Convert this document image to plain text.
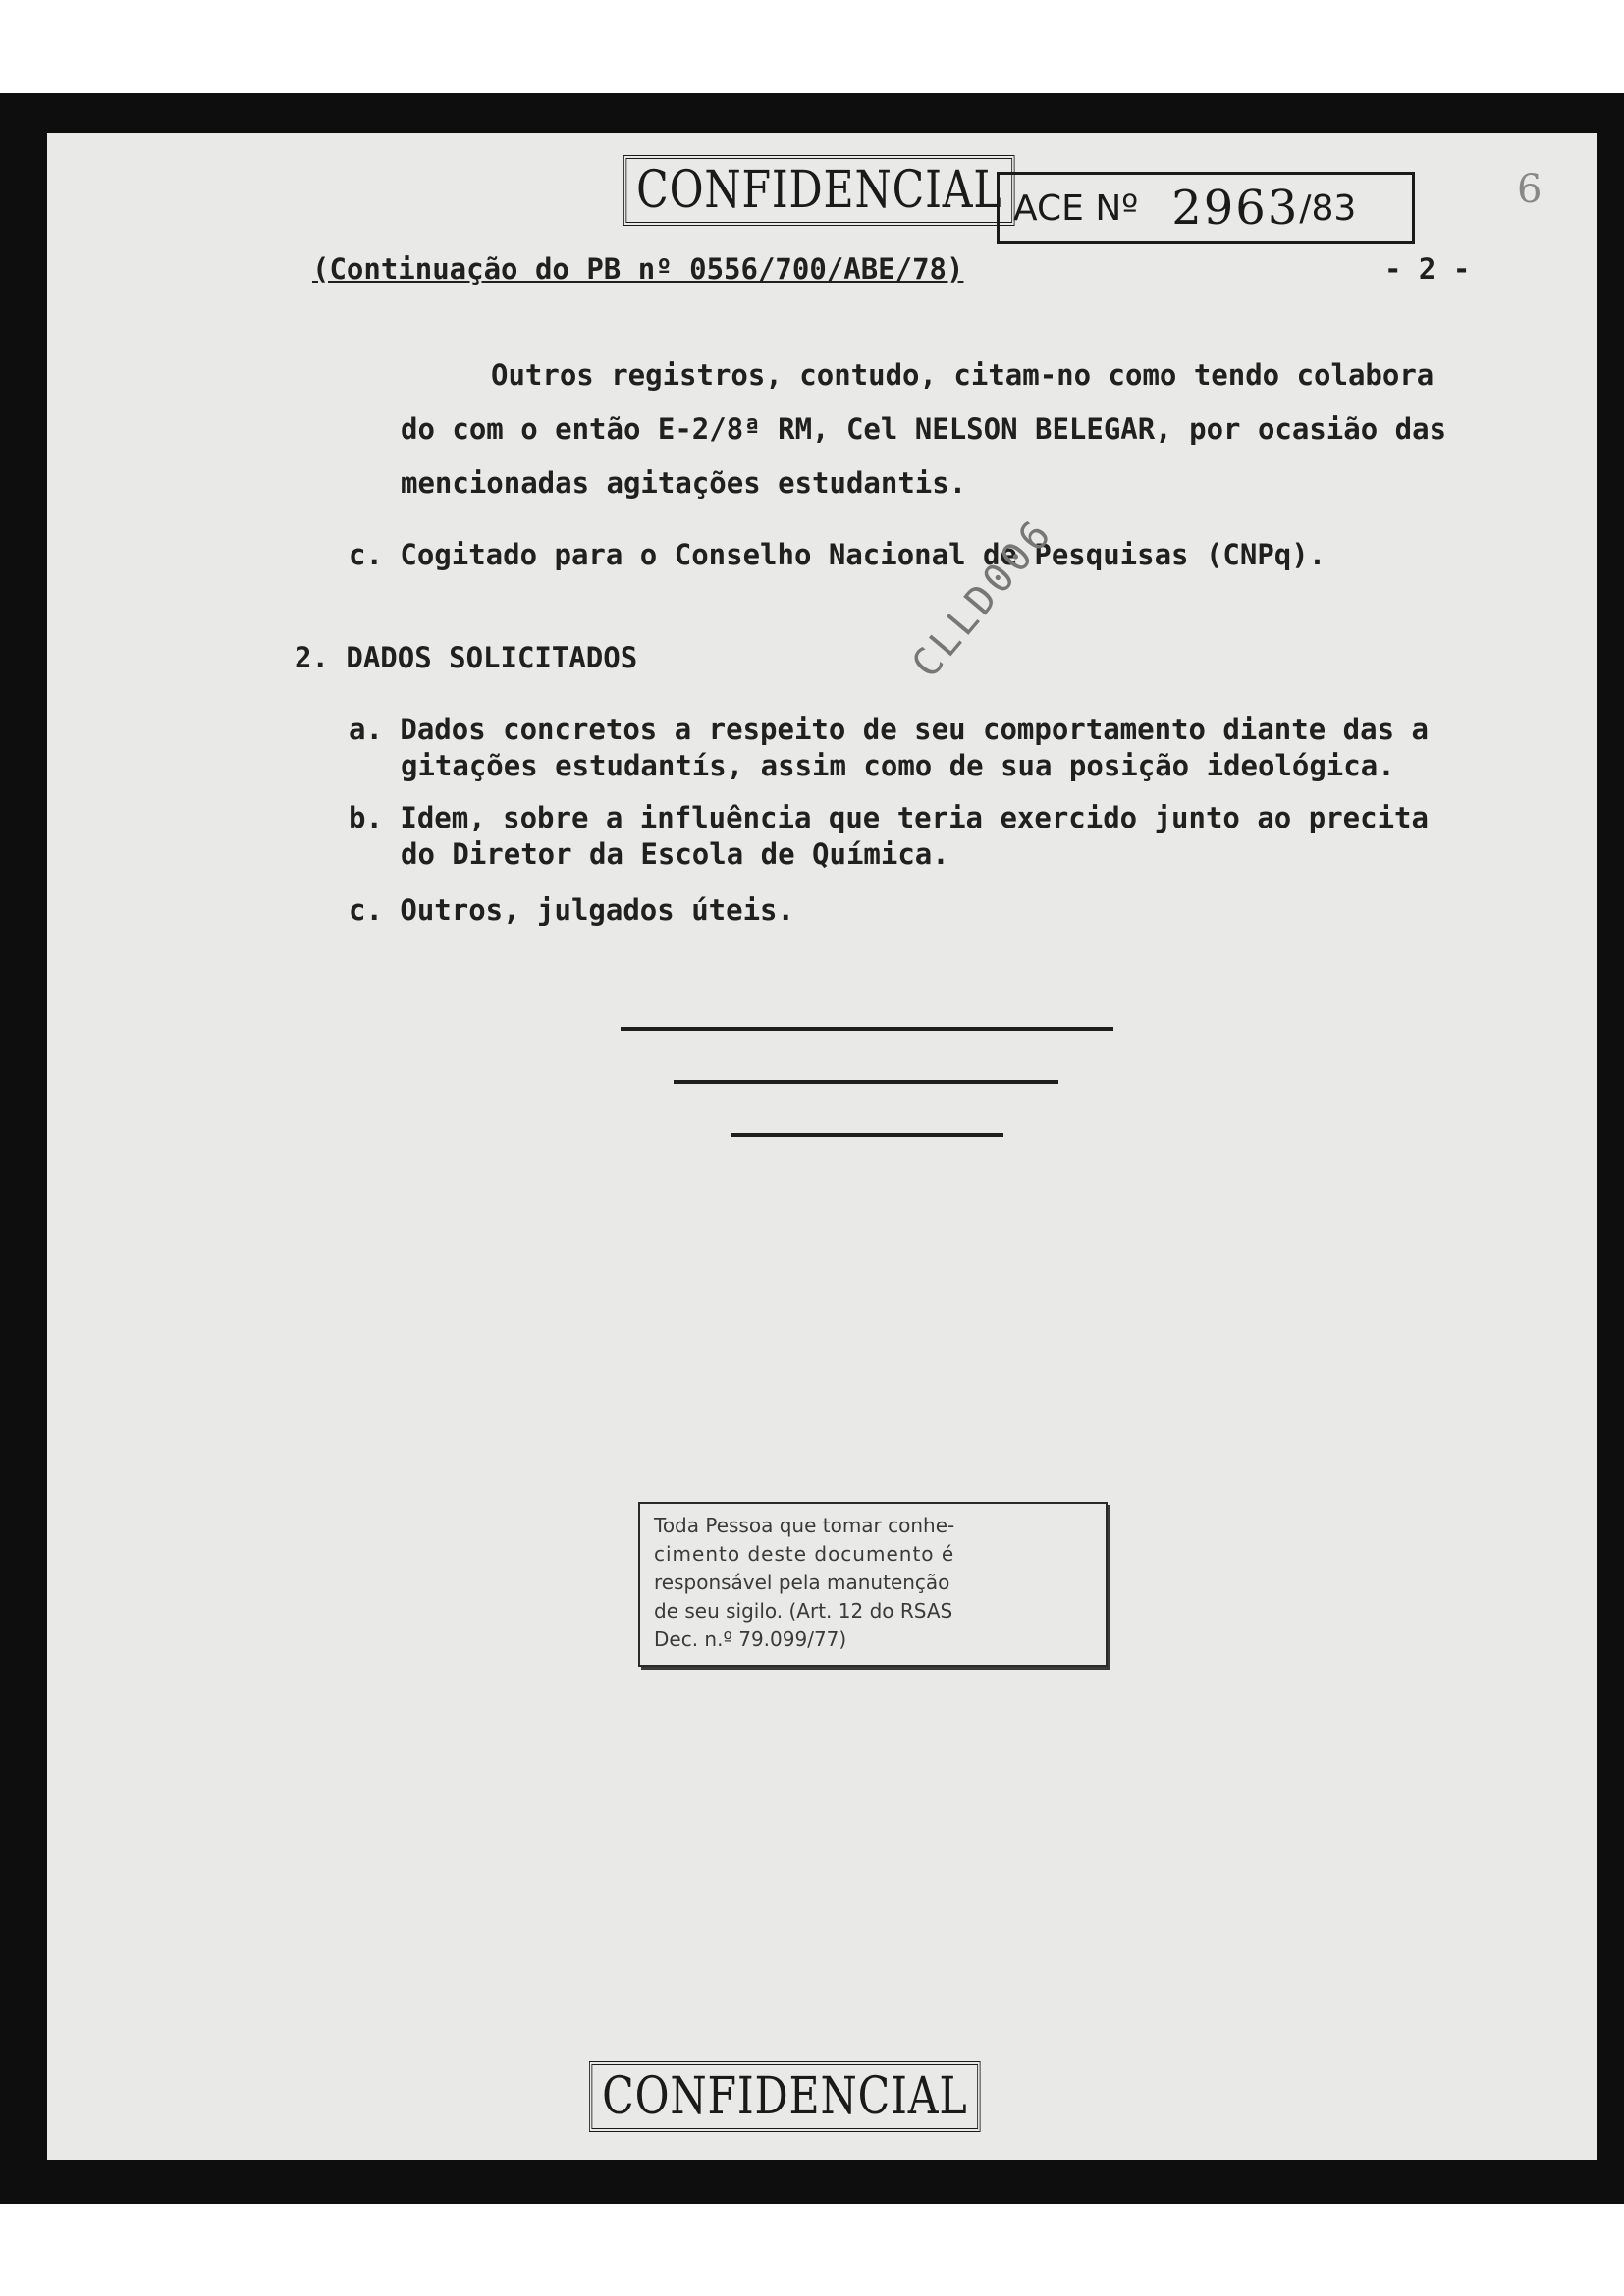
CONFIDENCIAL ACE Nº 2963 /83	6
(Continuação do PB nº 0556/700/ABE/78)	- 2 -
Outros registros, contudo, citam-no como tendo colabora
do com o então E-2/8ª RM, Cel NELSON BELEGAR, por ocasião das
mencionadas agitações estudantis.
c. Cogitado para o Conselho Nacional de Pesquisas (CNPq).
2. DADOS SOLICITADOS
a. Dados concretos a respeito de seu comportamento diante das a
gitações estudantís, assim como de sua posição ideológica.
b. Idem, sobre a influência que teria exercido junto ao precita
do Diretor da Escola de Química.
c. Outros, julgados úteis.
CLLD006
Toda Pessoa que tomar conhe-
cimento deste documento é
responsável pela manutenção
de seu sigilo. (Art. 12 do RSAS
Dec. n.º 79.099/77)
CONFIDENCIAL
